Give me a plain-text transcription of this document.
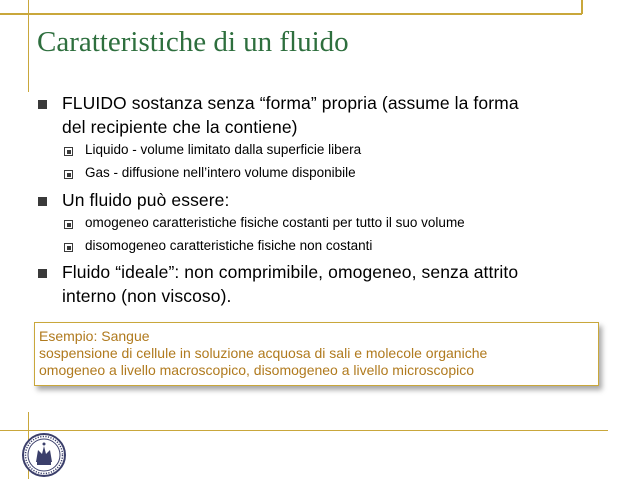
Caratteristiche di un fluido
FLUIDO sostanza senza “forma” propria (assume la forma
del recipiente che la contiene)
Liquido - volume limitato dalla superficie libera
Gas - diffusione nell’intero volume disponibile
Un fluido può essere:
omogeneo caratteristiche fisiche costanti per tutto il suo volume
disomogeneo caratteristiche fisiche non costanti
Fluido “ideale”: non comprimibile, omogeneo, senza attrito
interno (non viscoso).
Esempio: Sangue
sospensione di cellule in soluzione acquosa di sali e molecole organiche
omogeneo a livello macroscopico, disomogeneo a livello microscopico
